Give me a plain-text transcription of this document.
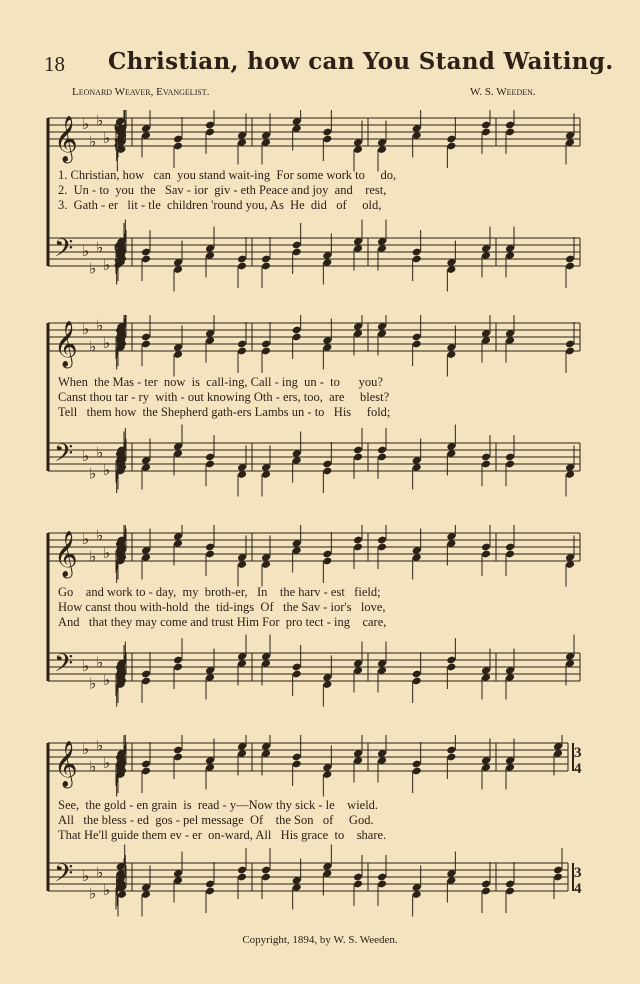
18 Christian, how can You Stand Waiting.
Leonard Weaver, Evangelist.	W. S. Weeden.
𝄞 ♭
♭
♭
♭
𝄢 ♭
♭
♭
♭
6
8
6
8
1. Christian, how   can  you stand wait-ing  For some work to     do,
2.  Un - to  you  the   Sav - ior  giv - eth Peace and joy  and    rest,
3.  Gath - er   lit - tle  children 'round you, As  He  did   of     old,
𝄞 ♭
♭
♭
♭
𝄢 ♭
♭
♭
♭
When  the Mas - ter  now  is  call-ing, Call - ing  un -  to      you?
Canst thou tar - ry  with - out knowing Oth - ers, too,  are     blest?
Tell   them how  the Shepherd gath-ers Lambs un - to   His     fold;
𝄞 ♭
♭
♭
♭
𝄢 ♭
♭
♭
♭
Go    and work to - day,  my  broth-er,   In    the harv - est   field;
How canst thou with-hold  the  tid-ings  Of   the Sav - ior's   love,
And   that they may come and trust Him For  pro tect - ing    care,
𝄞 ♭
♭
♭
♭
𝄢 ♭
♭
♭
♭
3
4
3
4
See,  the gold - en grain  is  read - y—Now thy sick - le    wield.
All   the bless - ed  gos - pel message  Of    the Son   of     God.
That He'll guide them ev - er  on-ward, All   His grace  to    share.
Copyright, 1894, by W. S. Weeden.
